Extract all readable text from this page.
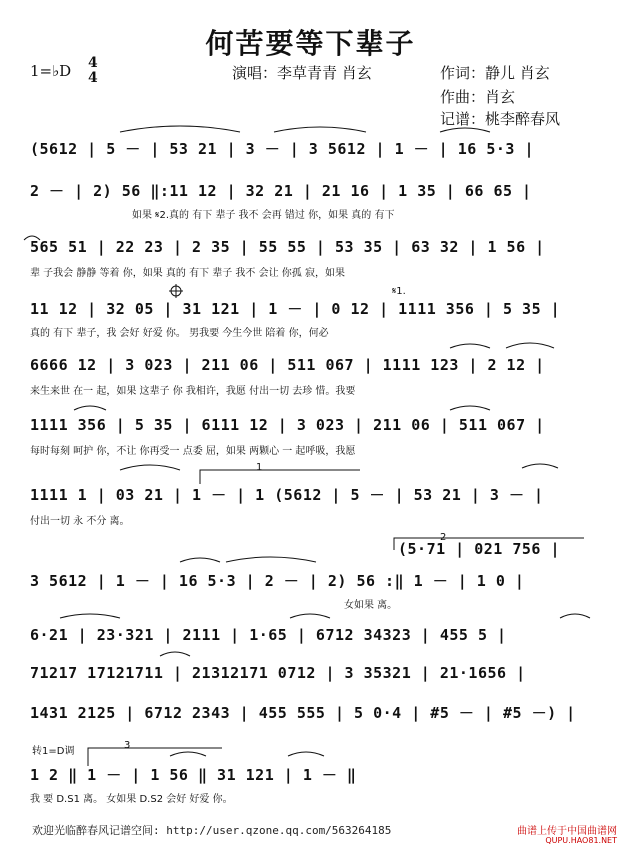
何苦要等下辈子
1=♭D 4
4	演唱：李草青青 肖玄	作词：静儿 肖玄
作曲：肖玄
记谱：桃李醉春风
(5612 | 5 － | 53 21 | 3 － | 3 5612 | 1 － | 16 5·3 |
2 － | 2) 56 ‖:11 12 | 32 21 | 21 16 | 1 35 | 66 65 |
如果 𝄋2.真的 有下 辈子 我不 会再 错过 你，如果 真的 有下
565 51 | 22 23 | 2 35 | 55 55 | 53 35 | 63 32 | 1 56 |
辈 子我会 静静 等着 你，如果 真的 有下 辈子 我不 会让 你孤 寂，如果
11 12 | 32 05 | 31 121 | 1 － | 0 12 | 1111 356 | 5 35 |
真的 有下 辈子，我 会好 好爱 你。 男我要 今生今世 陪着 你，何必
𝄋1.
6666 12 | 3 023 | 211 06 | 511 067 | 1111 123 | 2 12 |
来生来世 在一 起，如果 这辈子 你 我相许，我愿 付出一切 去珍 惜。我要
1111 356 | 5 35 | 6111 12 | 3 023 | 211 06 | 511 067 |
每时每刻 呵护 你，不让 你再受一 点委 屈，如果 两颗心 一 起呼吸，我愿
1111 1 | 03 21 | 1 － | 1 (5612 | 5 － | 53 21 | 3 － |
付出一切 永 不分 离。
1
(5·71 | 021 756 |
2
3 5612 | 1 － | 16 5·3 | 2 － | 2) 56 :‖ 1 － | 1 0 |
女如果 离。
6·21 | 23·321 | 2111 | 1·65 | 6712 34323 | 455 5 |
71217 17121711 | 21312171 0712 | 3 35321 | 21·1656 |
1431 2125 | 6712 2343 | 455 555 | 5 0·4 | #5 － | #5 －) |
转1=D调
3
1 2 ‖ 1 － | 1 56 ‖ 31 121 | 1 － ‖
我 要 D.S1 离。 女如果 D.S2 会好 好爱 你。
欢迎光临醉春风记谱空间: http://user.qzone.qq.com/563264185	曲谱上传于中国曲谱网
QUPU.HAO81.NET
